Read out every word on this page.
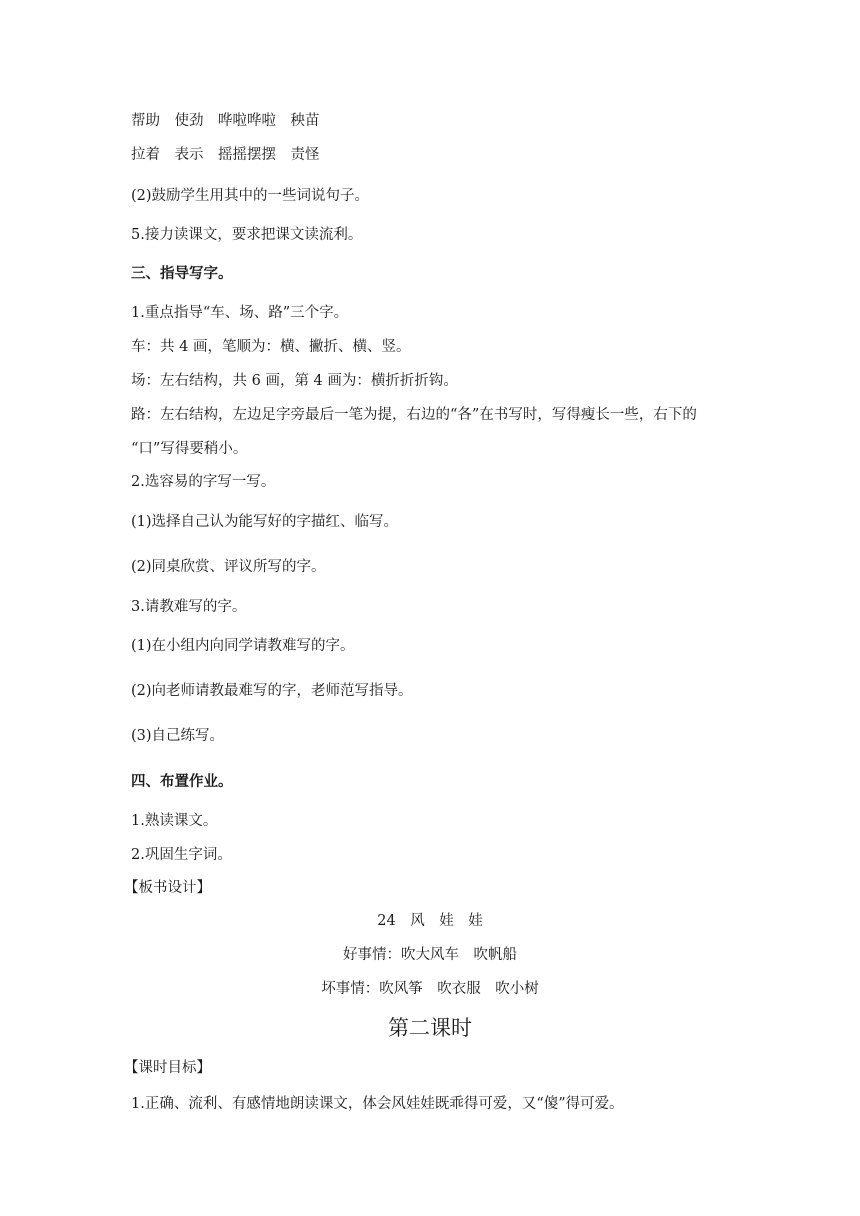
帮助　使劲　哗啦哗啦　秧苗
拉着　表示　摇摇摆摆　责怪
(2)鼓励学生用其中的一些词说句子。
5.接力读课文，要求把课文读流利。
三、指导写字。
1.重点指导“车、场、路”三个字。
车：共 4 画，笔顺为：横、撇折、横、竖。
场：左右结构，共 6 画，第 4 画为：横折折折钩。
路：左右结构，左边足字旁最后一笔为提，右边的“各”在书写时，写得瘦长一些，右下的
“口”写得要稍小。
2.选容易的字写一写。
(1)选择自己认为能写好的字描红、临写。
(2)同桌欣赏、评议所写的字。
3.请教难写的字。
(1)在小组内向同学请教难写的字。
(2)向老师请教最难写的字，老师范写指导。
(3)自己练写。
四、布置作业。
1.熟读课文。
2.巩固生字词。
【板书设计】
24　风　娃　娃
好事情：吹大风车　吹帆船
坏事情：吹风筝　吹衣服　吹小树
第二课时
【课时目标】
1.正确、流利、有感情地朗读课文，体会风娃娃既乖得可爱，又“傻”得可爱。
